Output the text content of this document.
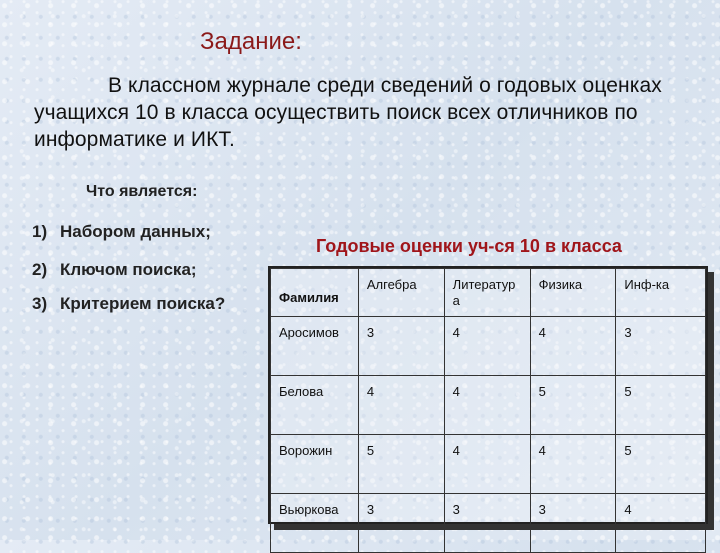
Задание:
В классном журнале среди сведений о годовых оценках учащихся 10 в класса осуществить поиск всех отличников по информатике и ИКТ.
Что является:
1) Набором данных;
2) Ключом поиска;
3) Критерием поиска?
Годовые оценки уч-ся 10 в класса
Фамилия	Алгебра	Литератур а	Физика	Инф-ка
Аросимов	3	4	4	3
Белова	4	4	5	5
Ворожин	5	4	4	5
Вьюркова	3	3	3	4
